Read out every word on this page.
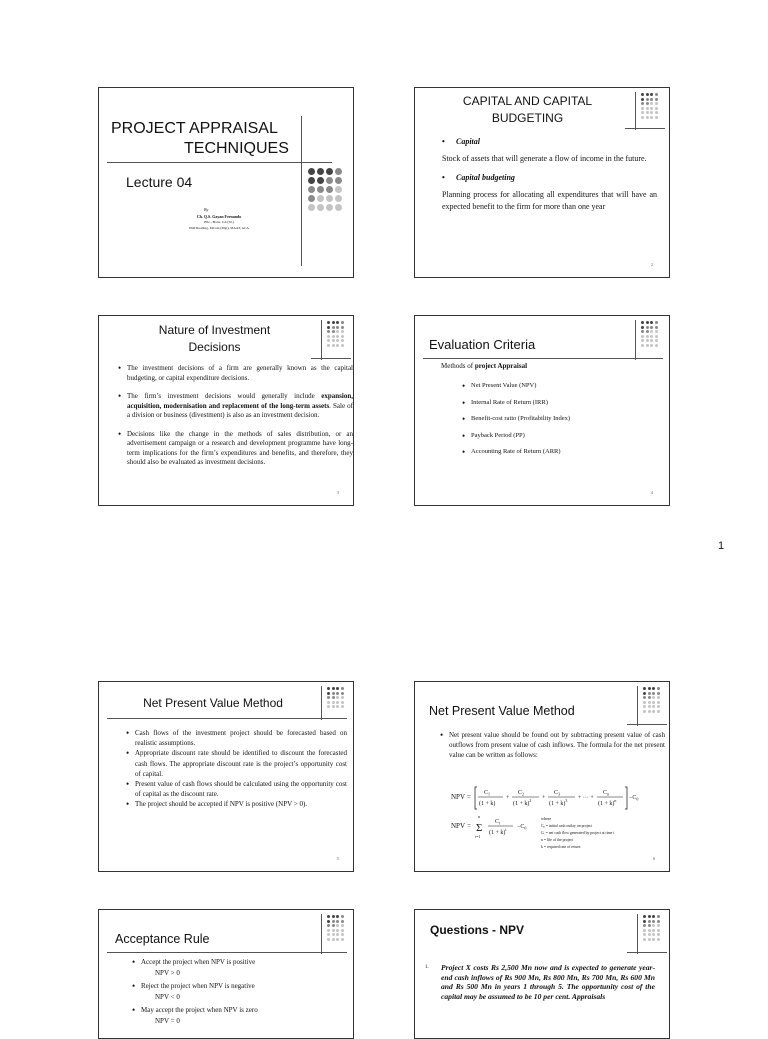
PROJECT APPRAISAL
TECHNIQUES
Lecture 04
By
Ch. Q.S. Gayan Fernando
BSc., Hons. CA (SL)
PhD Reading, MCom (Mgt), MAAT, ACA
CAPITAL AND CAPITAL
BUDGETING
• Capital
Stock of assets that will generate a flow of income in the future.
• Capital budgeting
Planning process for allocating all expenditures that will have an expected benefit to the firm for more than one year
2
Nature of Investment
Decisions
• The investment decisions of a firm are generally known as the capital budgeting, or capital expenditure decisions.
• The firm’s investment decisions would generally include expansion, acquisition, modernisation and replacement of the long-term assets. Sale of a division or business (divestment) is also as an investment decision.
• Decisions like the change in the methods of sales distribution, or an advertisement campaign or a research and development programme have long-term implications for the firm’s expenditures and benefits, and therefore, they should also be evaluated as investment decisions.
3
Evaluation Criteria
Methods of project Appraisal
• Net Present Value (NPV)
• Internal Rate of Return (IRR)
• Benefit-cost ratio (Profitability Index)
• Payback Period (PP)
• Accounting Rate of Return (ARR)
4
1
Net Present Value Method
• Cash flows of the investment project should be forecasted based on realistic assumptions.
• Appropriate discount rate should be identified to discount the forecasted cash flows. The appropriate discount rate is the project’s opportunity cost of capital.
• Present value of cash flows should be calculated using the opportunity cost of capital as the discount rate.
• The project should be accepted if NPV is positive (NPV > 0).
5
Net Present Value Method
• Net present value should be found out by subtracting present value of cash outflows from present value of cash inflows. The formula for the net present value can be written as follows:
NPV = $C_1$
(1 + k)
+
$C_2$
$(1 + k)^2$ +
$C_3$
$(1 + k)^3$ + ··· +
$C_n$
$(1 + k)^n -C_0$
NPV =
n
Σ
t=1
$C_t$
$(1 + k)^t -C_0$
where
C₀ = initial cash outlay on project
Cₜ = net cash flow generated by project at time t
n = life of the project
k = required rate of return
6
Acceptance Rule
• Accept the project when NPV is positive
NPV > 0
• Reject the project when NPV is negative
NPV < 0
• May accept the project when NPV is zero
NPV = 0
Questions - NPV
1. Project X costs Rs 2,500 Mn now and is expected to generate year-end cash inflows of Rs 900 Mn, Rs 800 Mn, Rs 700 Mn, Rs 600 Mn and Rs 500 Mn in years 1 through 5. The opportunity cost of the capital may be assumed to be 10 per cent. Appraisals
